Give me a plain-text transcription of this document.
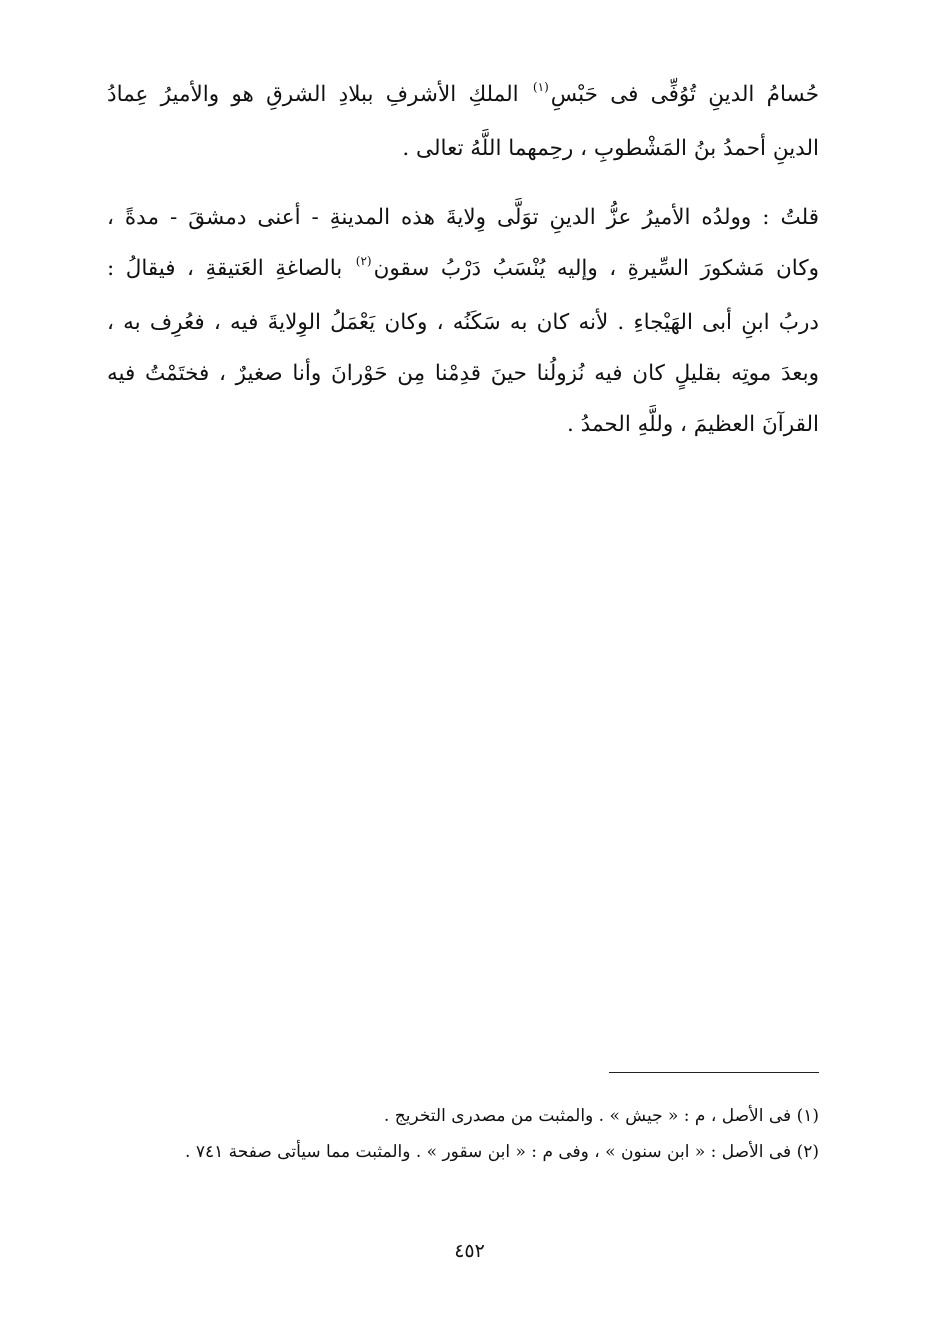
حُسامُ الدينِ تُوُفِّى فى حَبْسِ$^{(١)}$ الملكِ الأشرفِ ببلادِ الشرقِ هو والأميرُ عِمادُ
الدينِ أحمدُ بنُ المَشْطوبِ ، رحِمهما اللَّهُ تعالى .
قلتُ : وولدُه الأميرُ عزُّ الدينِ توَلَّى وِلايةَ هذه المدينةِ - أعنى دمشقَ - مدةً ،
وكان مَشكورَ السِّيرةِ ، وإليه يُنْسَبُ دَرْبُ سقون$^{(٢)}$ بالصاغةِ العَتيقةِ ، فيقالُ :
دربُ ابنِ أبى الهَيْجاءِ . لأنه كان به سَكَنُه ، وكان يَعْمَلُ الوِلايةَ فيه ، فعُرِف به ،
وبعدَ موتِه بقليلٍ كان فيه نُزولُنا حينَ قدِمْنا مِن حَوْرانَ وأنا صغيرٌ ، فختَمْتُ فيه
القرآنَ العظيمَ ، وللَّهِ الحمدُ .
(١) فى الأصل ، م : « جيش » . والمثبت من مصدرى التخريج .
(٢) فى الأصل : « ابن سنون » ، وفى م : « ابن سقور » . والمثبت مما سيأتى صفحة ٧٤١ .
٤٥٢
